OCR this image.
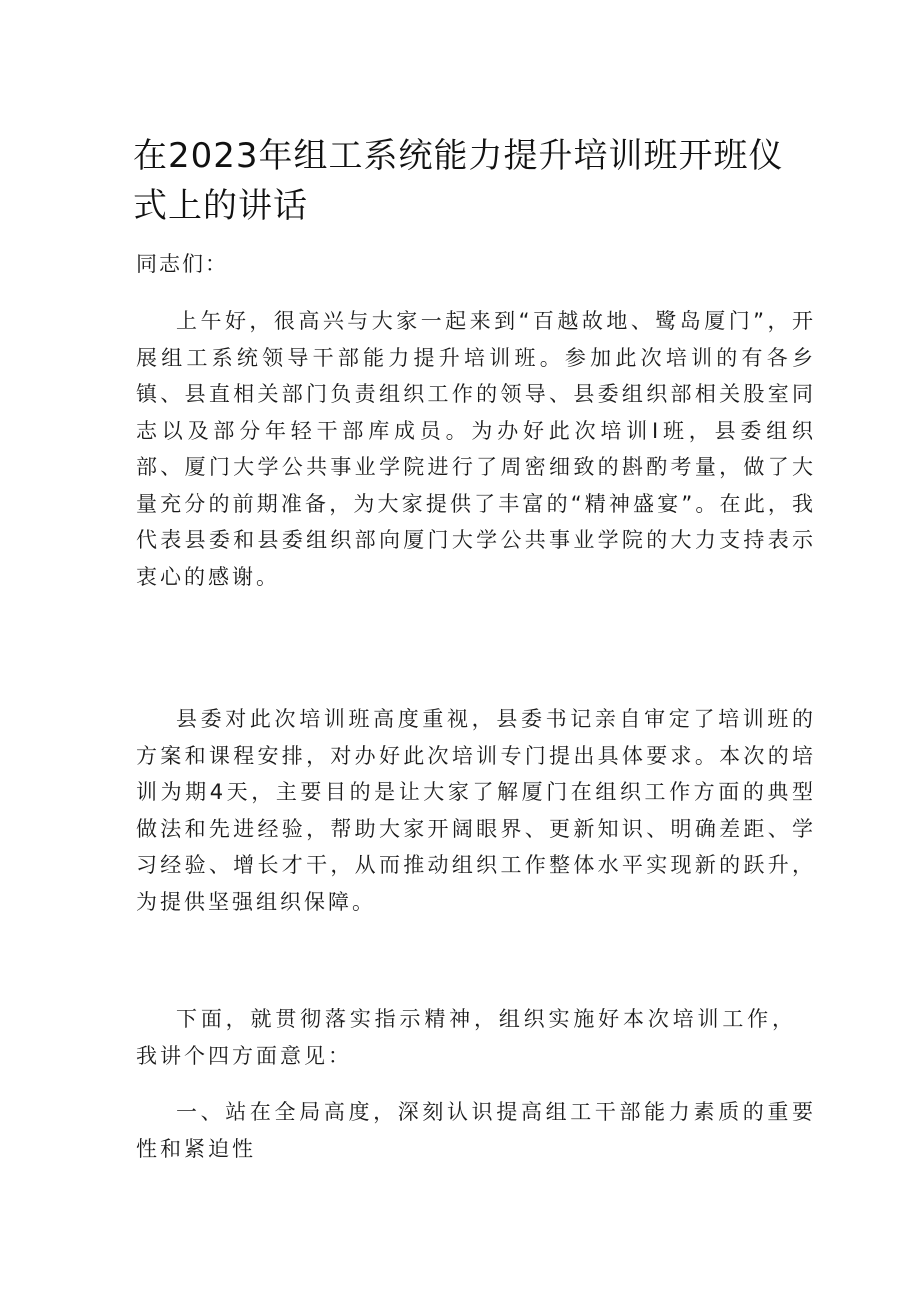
在2023年组工系统能力提升培训班开班仪式上的讲话

同志们：

上午好，很高兴与大家一起来到“百越故地、鹭岛厦门”，开展组工系统领导干部能力提升培训班。参加此次培训的有各乡镇、县直相关部门负责组织工作的领导、县委组织部相关股室同志以及部分年轻干部库成员。为办好此次培训Ⅰ班，县委组织部、厦门大学公共事业学院进行了周密细致的斟酌考量，做了大量充分的前期准备，为大家提供了丰富的“精神盛宴”。在此，我代表县委和县委组织部向厦门大学公共事业学院的大力支持表示衷心的感谢。

县委对此次培训班高度重视，县委书记亲自审定了培训班的方案和课程安排，对办好此次培训专门提出具体要求。本次的培训为期4天，主要目的是让大家了解厦门在组织工作方面的典型做法和先进经验，帮助大家开阔眼界、更新知识、明确差距、学习经验、增长才干，从而推动组织工作整体水平实现新的跃升，为提供坚强组织保障。

下面，就贯彻落实指示精神，组织实施好本次培训工作，我讲个四方面意见：

一、站在全局高度，深刻认识提高组工干部能力素质的重要性和紧迫性
